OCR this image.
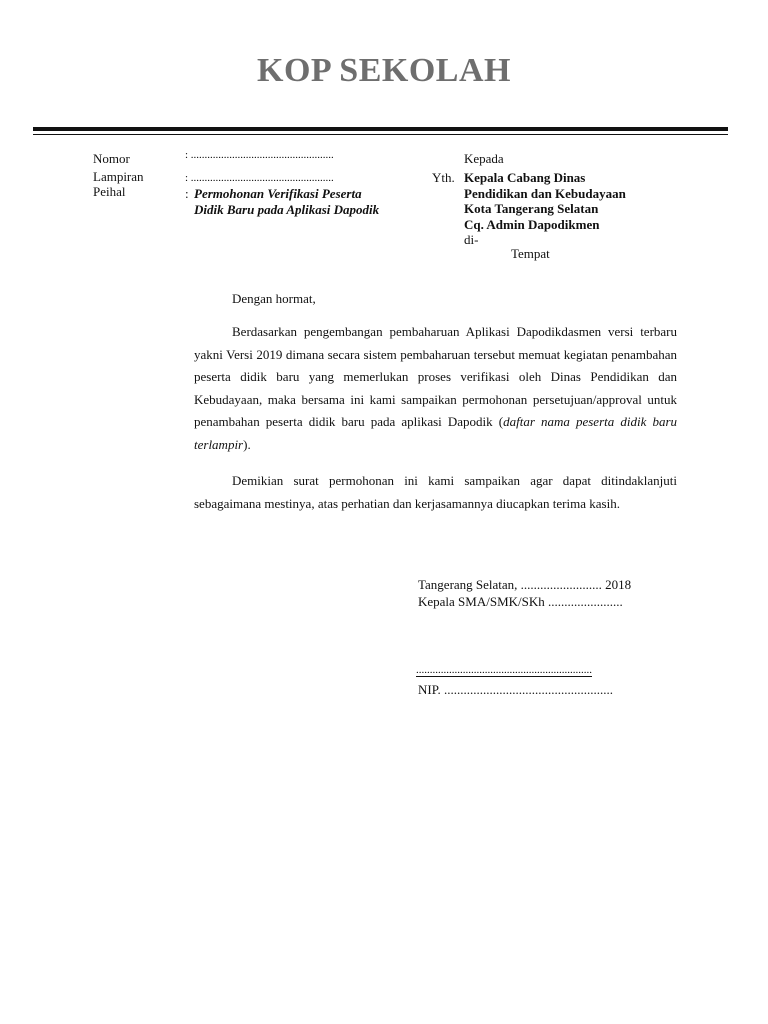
KOP SEKOLAH
Nomor	: ....................................................
Lampiran	: ....................................................
Peihal	: Permohonan Verifikasi Peserta
Didik Baru pada Aplikasi Dapodik
Kepada
Yth. Kepala Cabang Dinas
Pendidikan dan Kebudayaan
Kota Tangerang Selatan
Cq. Admin Dapodikmen
di-
Tempat
Dengan hormat,
Berdasarkan pengembangan pembaharuan Aplikasi Dapodikdasmen versi terbaru yakni Versi 2019 dimana secara sistem pembaharuan tersebut memuat kegiatan penambahan peserta didik baru yang memerlukan proses verifikasi oleh Dinas Pendidikan dan Kebudayaan, maka bersama ini kami sampaikan permohonan persetujuan/approval untuk penambahan peserta didik baru pada aplikasi Dapodik (daftar nama peserta didik baru terlampir).
Demikian surat permohonan ini kami sampaikan agar dapat ditindaklanjuti sebagaimana mestinya, atas perhatian dan kerjasamannya diucapkan terima kasih.
Tangerang Selatan, ......................... 2018
Kepala SMA/SMK/SKh .......................
................................................................
NIP. ....................................................
